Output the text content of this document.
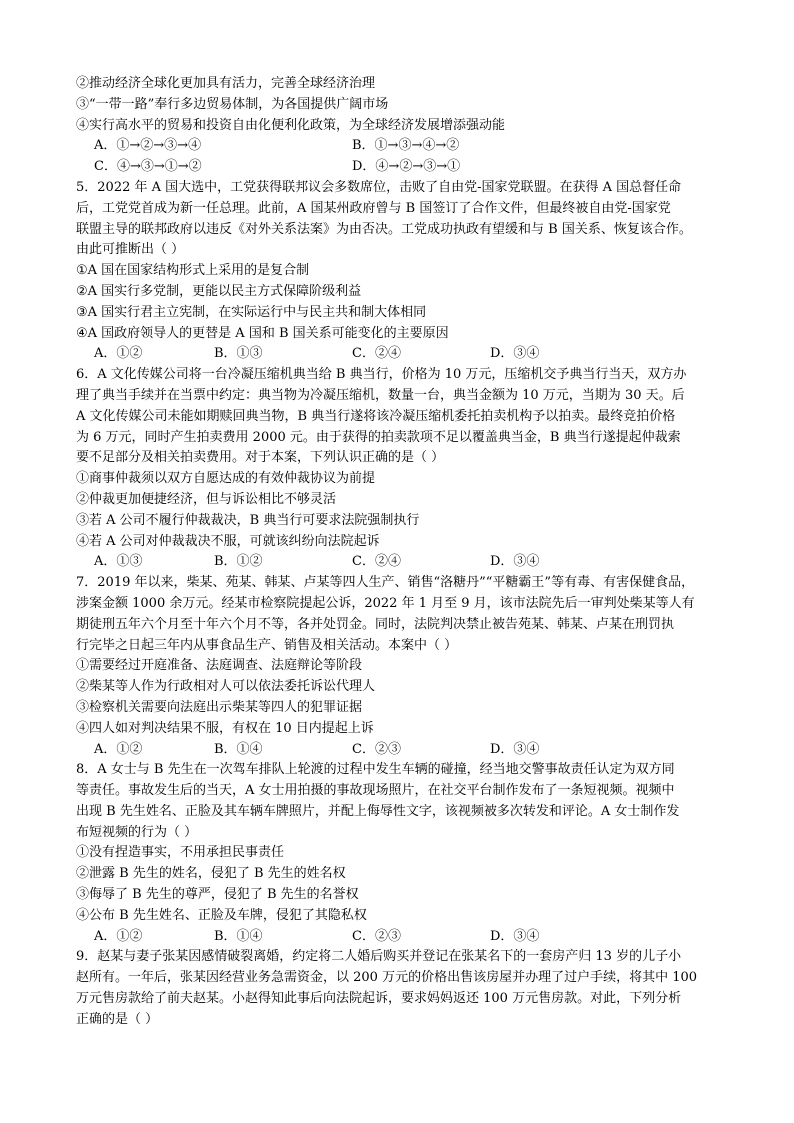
②推动经济全球化更加具有活力，完善全球经济治理
③“一带一路”奉行多边贸易体制，为各国提供广阔市场
④实行高水平的贸易和投资自由化便利化政策，为全球经济发展增添强动能
A．①→②→③→④	B．①→③→④→②
C．④→③→①→②	D．④→②→③→①
5．2022 年 A 国大选中，工党获得联邦议会多数席位，击败了自由党-国家党联盟。在获得 A 国总督任命
后，工党党首成为新一任总理。此前，A 国某州政府曾与 B 国签订了合作文件，但最终被自由党-国家党
联盟主导的联邦政府以违反《对外关系法案》为由否决。工党成功执政有望缓和与 B 国关系、恢复该合作。
由此可推断出（ ）
①A 国在国家结构形式上采用的是复合制
②A 国实行多党制，更能以民主方式保障阶级利益
③A 国实行君主立宪制，在实际运行中与民主共和制大体相同
④A 国政府领导人的更替是 A 国和 B 国关系可能变化的主要原因
A．①②	B．①③	C．②④	D．③④
6．A 文化传媒公司将一台冷凝压缩机典当给 B 典当行，价格为 10 万元，压缩机交予典当行当天，双方办
理了典当手续并在当票中约定：典当物为冷凝压缩机，数量一台，典当金额为 10 万元，当期为 30 天。后
A 文化传媒公司未能如期赎回典当物，B 典当行遂将该冷凝压缩机委托拍卖机构予以拍卖。最终竞拍价格
为 6 万元，同时产生拍卖费用 2000 元。由于获得的拍卖款项不足以覆盖典当金，B 典当行遂提起仲裁索
要不足部分及相关拍卖费用。对于本案，下列认识正确的是（ ）
①商事仲裁须以双方自愿达成的有效仲裁协议为前提
②仲裁更加便捷经济，但与诉讼相比不够灵活
③若 A 公司不履行仲裁裁决，B 典当行可要求法院强制执行
④若 A 公司对仲裁裁决不服，可就该纠纷向法院起诉
A．①③	B．①②	C．②④	D．③④
7．2019 年以来，柴某、苑某、韩某、卢某等四人生产、销售“洛糖丹”“平糖霸王”等有毒、有害保健食品，
涉案金额 1000 余万元。经某市检察院提起公诉，2022 年 1 月至 9 月，该市法院先后一审判处柴某等人有
期徒刑五年六个月至十年六个月不等，各并处罚金。同时，法院判决禁止被告苑某、韩某、卢某在刑罚执
行完毕之日起三年内从事食品生产、销售及相关活动。本案中（ ）
①需要经过开庭准备、法庭调查、法庭辩论等阶段
②柴某等人作为行政相对人可以依法委托诉讼代理人
③检察机关需要向法庭出示柴某等四人的犯罪证据
④四人如对判决结果不服，有权在 10 日内提起上诉
A．①②	B．①④	C．②③	D．③④
8．A 女士与 B 先生在一次驾车排队上轮渡的过程中发生车辆的碰撞，经当地交警事故责任认定为双方同
等责任。事故发生后的当天，A 女士用拍摄的事故现场照片，在社交平台制作发布了一条短视频。视频中
出现 B 先生姓名、正脸及其车辆车牌照片，并配上侮辱性文字，该视频被多次转发和评论。A 女士制作发
布短视频的行为（ ）
①没有捏造事实，不用承担民事责任
②泄露 B 先生的姓名，侵犯了 B 先生的姓名权
③侮辱了 B 先生的尊严，侵犯了 B 先生的名誉权
④公布 B 先生姓名、正脸及车牌，侵犯了其隐私权
A．①②	B．①④	C．②③	D．③④
9．赵某与妻子张某因感情破裂离婚，约定将二人婚后购买并登记在张某名下的一套房产归 13 岁的儿子小
赵所有。一年后，张某因经营业务急需资金，以 200 万元的价格出售该房屋并办理了过户手续，将其中 100
万元售房款给了前夫赵某。小赵得知此事后向法院起诉，要求妈妈返还 100 万元售房款。对此，下列分析
正确的是（ ）
